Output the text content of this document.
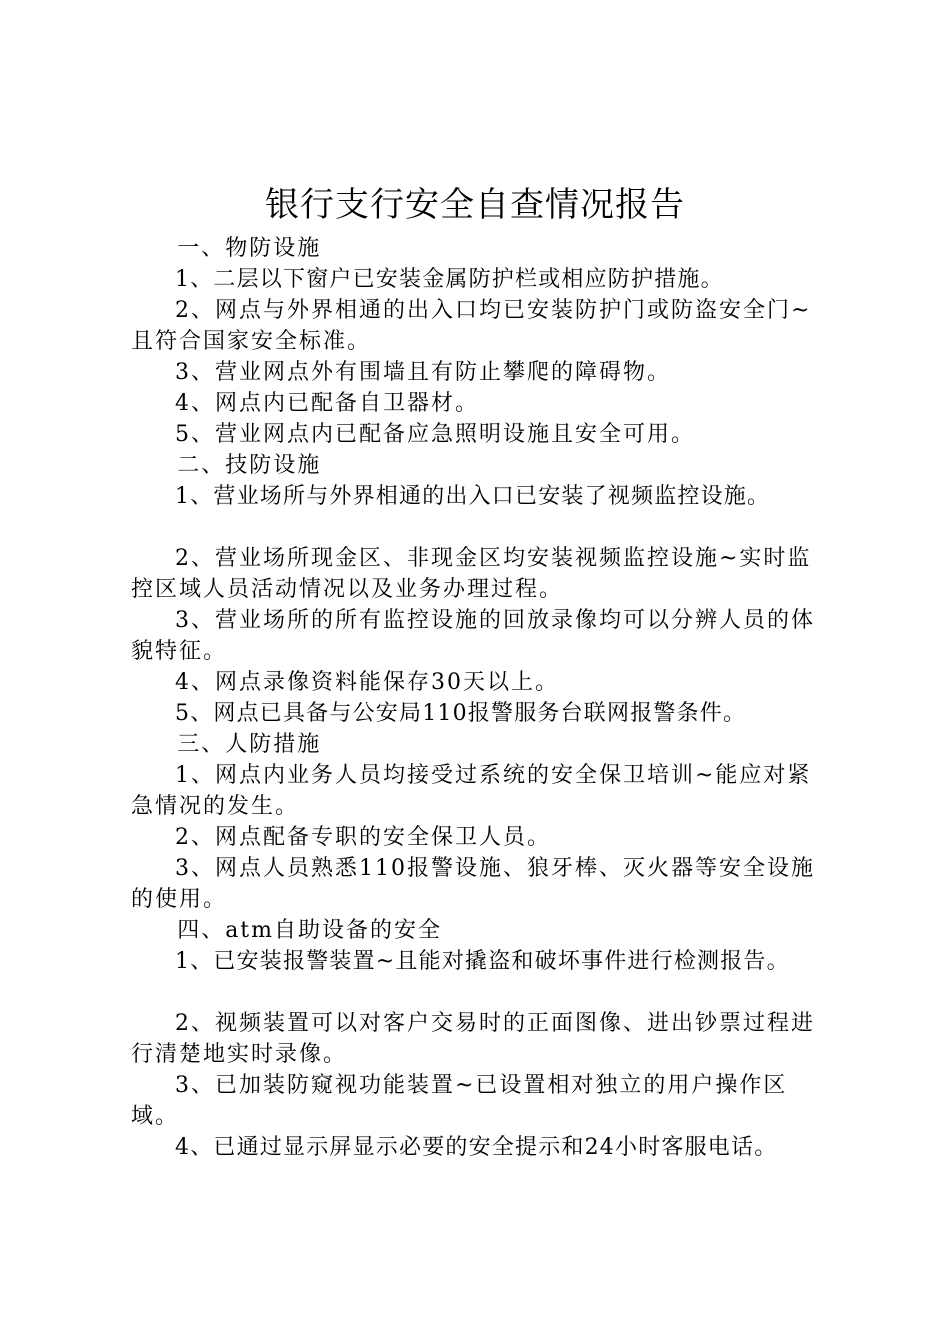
银行支行安全自查情况报告

一、物防设施

1、二层以下窗户已安装金属防护栏或相应防护措施。

2、网点与外界相通的出入口均已安装防护门或防盗安全门~且符合国家安全标准。

3、营业网点外有围墙且有防止攀爬的障碍物。

4、网点内已配备自卫器材。

5、营业网点内已配备应急照明设施且安全可用。

二、技防设施

1、营业场所与外界相通的出入口已安装了视频监控设施。

2、营业场所现金区、非现金区均安装视频监控设施~实时监控区域人员活动情况以及业务办理过程。

3、营业场所的所有监控设施的回放录像均可以分辨人员的体貌特征。

4、网点录像资料能保存30天以上。

5、网点已具备与公安局110报警服务台联网报警条件。

三、人防措施

1、网点内业务人员均接受过系统的安全保卫培训~能应对紧急情况的发生。

2、网点配备专职的安全保卫人员。

3、网点人员熟悉110报警设施、狼牙棒、灭火器等安全设施的使用。

四、atm自助设备的安全

1、已安装报警装置~且能对撬盗和破坏事件进行检测报告。

2、视频装置可以对客户交易时的正面图像、进出钞票过程进行清楚地实时录像。

3、已加装防窥视功能装置~已设置相对独立的用户操作区域。

4、已通过显示屏显示必要的安全提示和24小时客服电话。
